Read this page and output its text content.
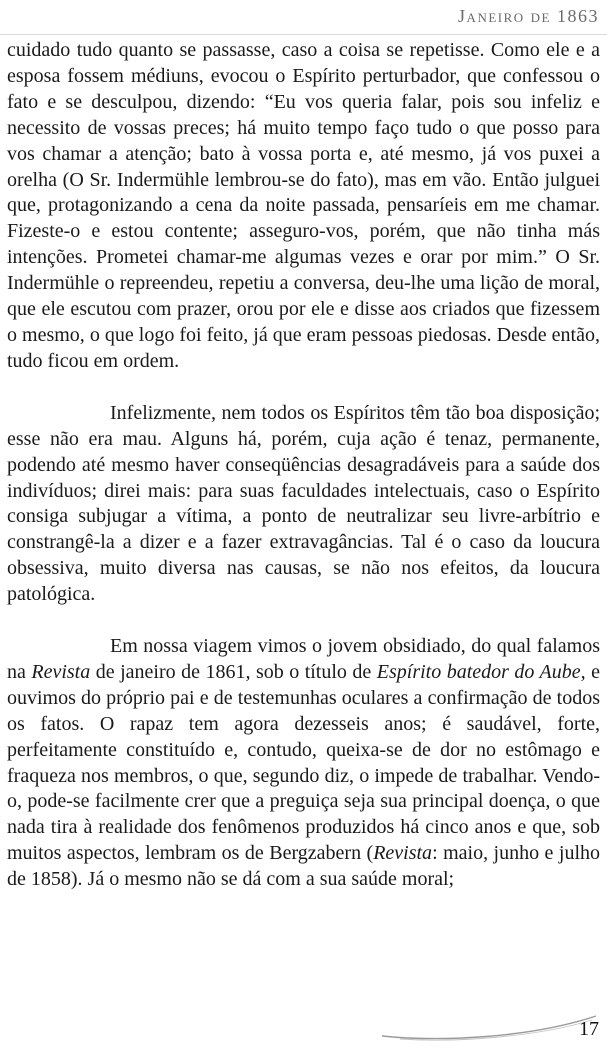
Janeiro de 1863

cuidado tudo quanto se passasse, caso a coisa se repetisse. Como ele e a esposa fossem médiuns, evocou o Espírito perturbador, que confessou o fato e se desculpou, dizendo: “Eu vos queria falar, pois sou infeliz e necessito de vossas preces; há muito tempo faço tudo o que posso para vos chamar a atenção; bato à vossa porta e, até mesmo, já vos puxei a orelha (O Sr. Indermühle lembrou-se do fato), mas em vão. Então julguei que, protagonizando a cena da noite passada, pensaríeis em me chamar. Fizeste-o e estou contente; asseguro-vos, porém, que não tinha más intenções. Prometei chamar-me algumas vezes e orar por mim.” O Sr. Indermühle o repreendeu, repetiu a conversa, deu-lhe uma lição de moral, que ele escutou com prazer, orou por ele e disse aos criados que fizessem o mesmo, o que logo foi feito, já que eram pessoas piedosas. Desde então, tudo ficou em ordem.

Infelizmente, nem todos os Espíritos têm tão boa disposição; esse não era mau. Alguns há, porém, cuja ação é tenaz, permanente, podendo até mesmo haver conseqüências desagradáveis para a saúde dos indivíduos; direi mais: para suas faculdades intelectuais, caso o Espírito consiga subjugar a vítima, a ponto de neutralizar seu livre-arbítrio e constrangê-la a dizer e a fazer extravagâncias. Tal é o caso da loucura obsessiva, muito diversa nas causas, se não nos efeitos, da loucura patológica.

Em nossa viagem vimos o jovem obsidiado, do qual falamos na Revista de janeiro de 1861, sob o título de Espírito batedor do Aube, e ouvimos do próprio pai e de testemunhas oculares a confirmação de todos os fatos. O rapaz tem agora dezesseis anos; é saudável, forte, perfeitamente constituído e, contudo, queixa-se de dor no estômago e fraqueza nos membros, o que, segundo diz, o impede de trabalhar. Vendo-o, pode-se facilmente crer que a preguiça seja sua principal doença, o que nada tira à realidade dos fenômenos produzidos há cinco anos e que, sob muitos aspectos, lembram os de Bergzabern (Revista: maio, junho e julho de 1858). Já o mesmo não se dá com a sua saúde moral;

17
